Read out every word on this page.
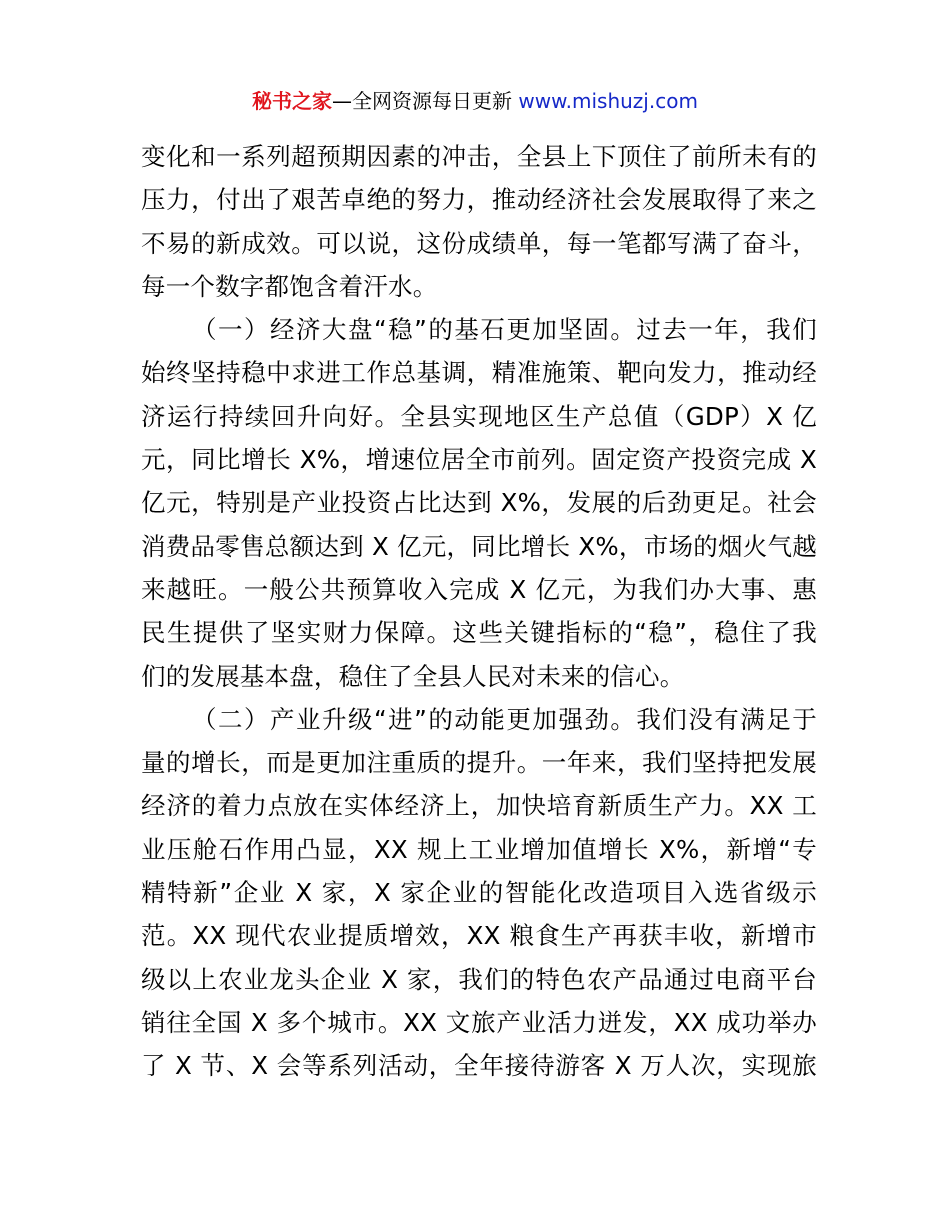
秘书之家—全网资源每日更新 www.mishuzj.com
变化和一系列超预期因素的冲击，全县上下顶住了前所未有的
压力，付出了艰苦卓绝的努力，推动经济社会发展取得了来之
不易的新成效。可以说，这份成绩单，每一笔都写满了奋斗，
每一个数字都饱含着汗水。
（一）经济大盘“稳”的基石更加坚固。过去一年，我们
始终坚持稳中求进工作总基调，精准施策、靶向发力，推动经
济运行持续回升向好。全县实现地区生产总值（GDP）X 亿
元，同比增长 X%，增速位居全市前列。固定资产投资完成 X
亿元，特别是产业投资占比达到 X%，发展的后劲更足。社会
消费品零售总额达到 X 亿元，同比增长 X%，市场的烟火气越
来越旺。一般公共预算收入完成 X 亿元，为我们办大事、惠
民生提供了坚实财力保障。这些关键指标的“稳”，稳住了我
们的发展基本盘，稳住了全县人民对未来的信心。
（二）产业升级“进”的动能更加强劲。我们没有满足于
量的增长，而是更加注重质的提升。一年来，我们坚持把发展
经济的着力点放在实体经济上，加快培育新质生产力。XX 工
业压舱石作用凸显，XX 规上工业增加值增长 X%，新增“专
精特新”企业 X 家，X 家企业的智能化改造项目入选省级示
范。XX 现代农业提质增效，XX 粮食生产再获丰收，新增市
级以上农业龙头企业 X 家，我们的特色农产品通过电商平台
销往全国 X 多个城市。XX 文旅产业活力迸发，XX 成功举办
了 X 节、X 会等系列活动，全年接待游客 X 万人次，实现旅
